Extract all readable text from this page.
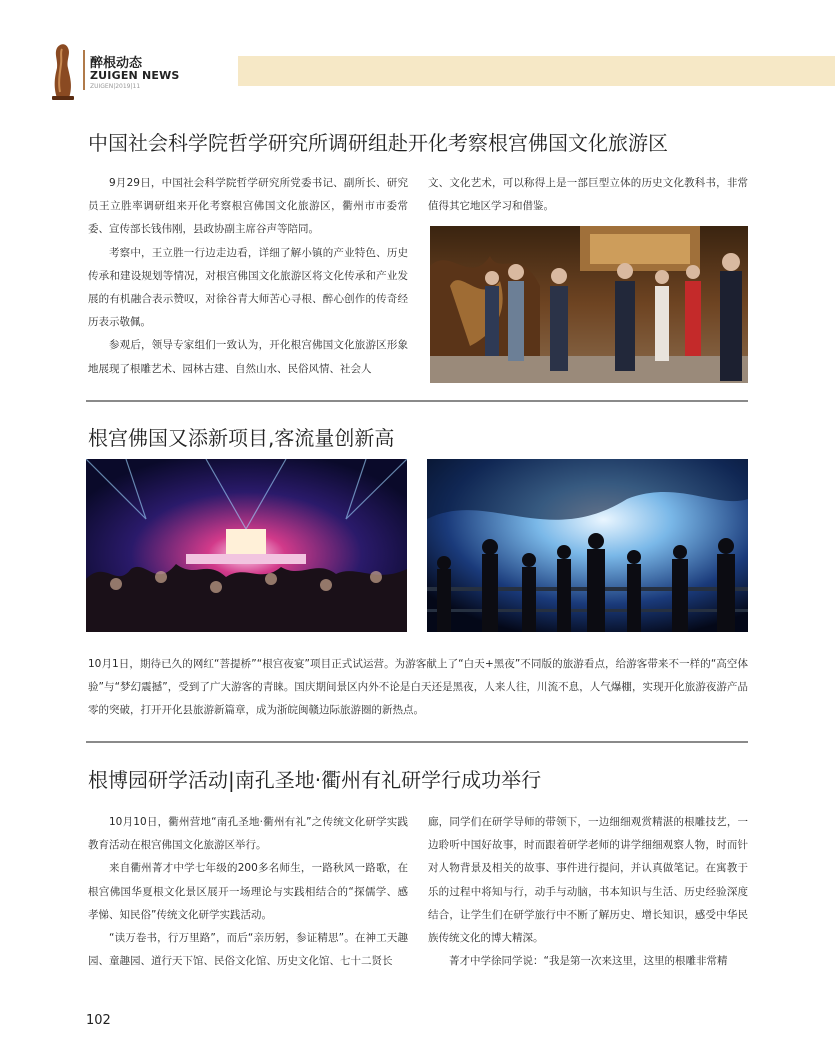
醉根动态
ZUIGEN NEWS
ZUIGEN|2019|11
中国社会科学院哲学研究所调研组赴开化考察根宫佛国文化旅游区

9月29日，中国社会科学院哲学研究所党委书记、副所长、研究员王立胜率调研组来开化考察根宫佛国文化旅游区，衢州市市委常委、宣传部长钱伟刚，县政协副主席谷声等陪同。

考察中，王立胜一行边走边看，详细了解小镇的产业特色、历史传承和建设规划等情况，对根宫佛国文化旅游区将文化传承和产业发展的有机融合表示赞叹，对徐谷青大师苦心寻根、醉心创作的传奇经历表示敬佩。

参观后，领导专家组们一致认为，开化根宫佛国文化旅游区形象地展现了根雕艺术、园林古建、自然山水、民俗风情、社会人

文、文化艺术，可以称得上是一部巨型立体的历史文化教科书，非常值得其它地区学习和借鉴。

根宫佛国又添新项目,客流量创新高

10月1日，期待已久的网红“菩提桥”“根宫夜宴”项目正式试运营。为游客献上了“白天+黑夜”不同版的旅游看点，给游客带来不一样的“高空体验”与“梦幻震撼”，受到了广大游客的青睐。国庆期间景区内外不论是白天还是黑夜，人来人往，川流不息，人气爆棚，实现开化旅游夜游产品零的突破，打开开化县旅游新篇章，成为浙皖闽赣边际旅游圈的新热点。

根博园研学活动|南孔圣地·衢州有礼研学行成功举行

10月10日，衢州营地“南孔圣地·衢州有礼”之传统文化研学实践教育活动在根宫佛国文化旅游区举行。

来自衢州菁才中学七年级的200多名师生，一路秋风一路歌，在根宫佛国华夏根文化景区展开一场理论与实践相结合的“探儒学、感孝悌、知民俗”传统文化研学实践活动。

“读万卷书，行万里路”，而后“亲历躬，参证精思”。在神工天趣园、童趣园、道行天下馆、民俗文化馆、历史文化馆、七十二贤长

廊，同学们在研学导师的带领下，一边细细观赏精湛的根雕技艺，一边聆听中国好故事，时而跟着研学老师的讲学细细观察人物，时而针对人物背景及相关的故事、事件进行提问，并认真做笔记。在寓教于乐的过程中将知与行，动手与动脑，书本知识与生活、历史经验深度结合，让学生们在研学旅行中不断了解历史、增长知识，感受中华民族传统文化的博大精深。

菁才中学徐同学说：“我是第一次来这里，这里的根雕非常精

102
